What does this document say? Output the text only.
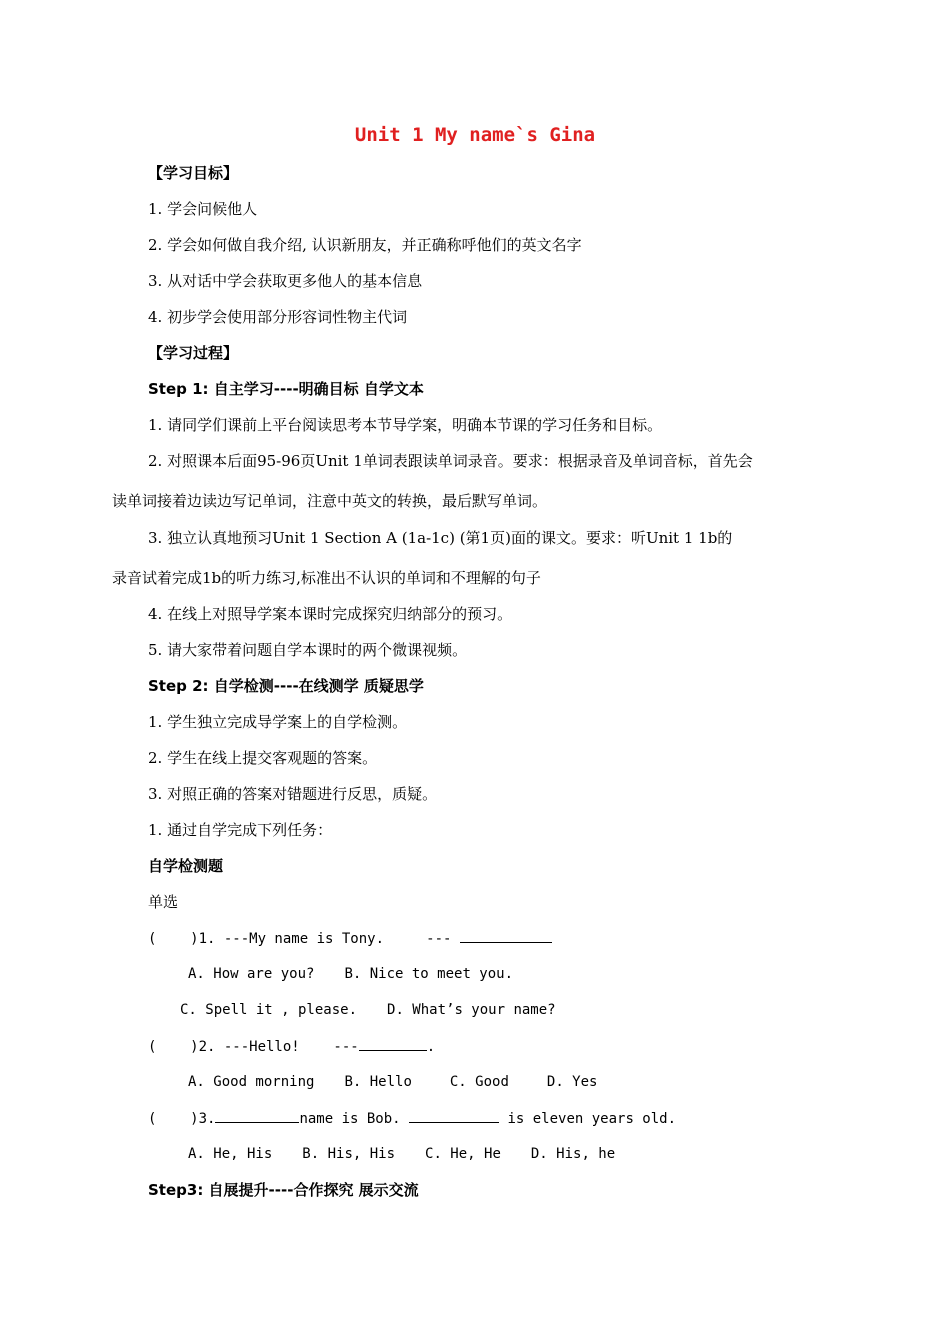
Unit 1 My name`s Gina
【学习目标】
1. 学会问候他人
2. 学会如何做自我介绍, 认识新朋友，并正确称呼他们的英文名字
3. 从对话中学会获取更多他人的基本信息
4. 初步学会使用部分形容词性物主代词
【学习过程】
Step 1: 自主学习----明确目标 自学文本
1. 请同学们课前上平台阅读思考本节导学案，明确本节课的学习任务和目标。
2. 对照课本后面95-96页Unit 1单词表跟读单词录音。要求：根据录音及单词音标，首先会
读单词接着边读边写记单词，注意中英文的转换，最后默写单词。
3. 独立认真地预习Unit 1 Section A (1a-1c) (第1页)面的课文。要求：听Unit 1 1b的
录音试着完成1b的听力练习,标准出不认识的单词和不理解的句子
4. 在线上对照导学案本课时完成探究归纳部分的预习。
5. 请大家带着问题自学本课时的两个微课视频。
Step 2: 自学检测----在线测学 质疑思学
1. 学生独立完成导学案上的自学检测。
2. 学生在线上提交客观题的答案。
3. 对照正确的答案对错题进行反思，质疑。
1. 通过自学完成下列任务：
自学检测题
单选
(    )1. ---My name is Tony.     ---
A. How are you? B. Nice to meet you.
C. Spell it , please. D. What’s your name?
(    )2. ---Hello!    ---	.
A. Good morning B. Hello	C. Good	D. Yes
(    )3.	name is Bob.	is eleven years old.
A. He, His B. His, His C. He, He D. His, he
Step3: 自展提升----合作探究 展示交流
